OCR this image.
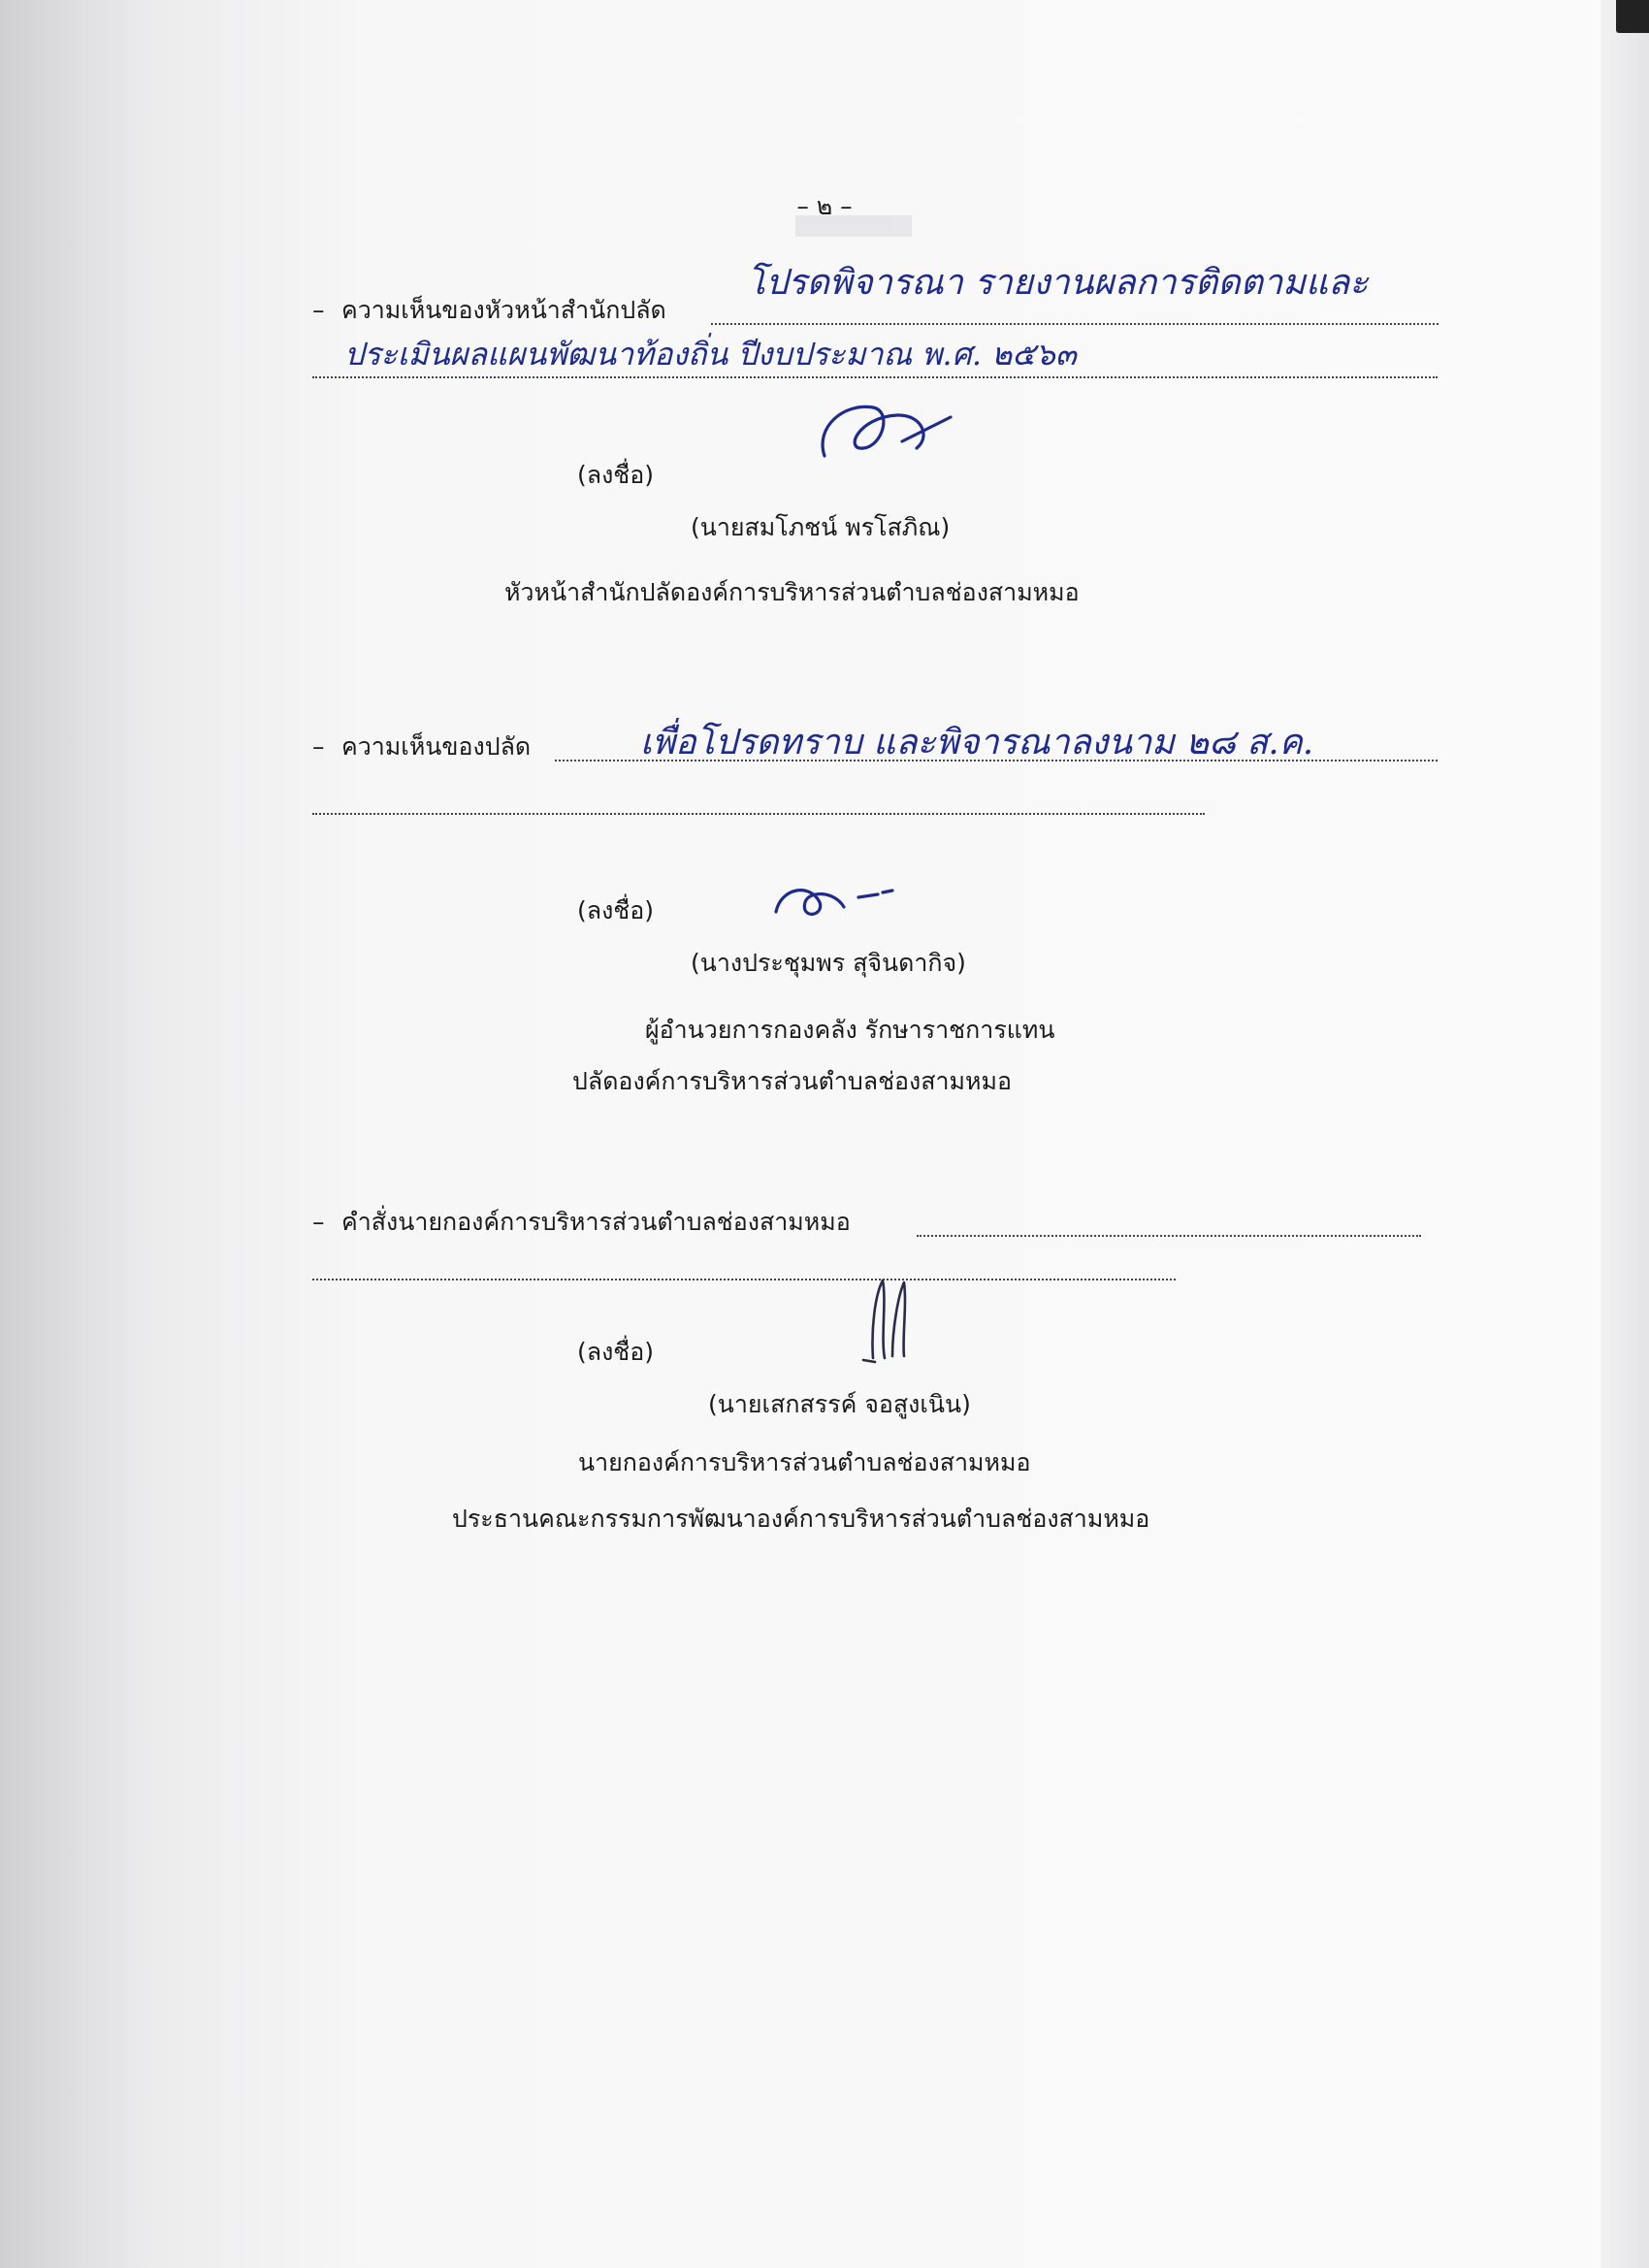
– ๒ –
– ความเห็นของหัวหน้าสำนักปลัด
โปรดพิจารณา รายงานผลการติดตามและ
ประเมินผลแผนพัฒนาท้องถิ่น ปีงบประมาณ พ.ศ. ๒๕๖๓
(ลงชื่อ)
(นายสมโภชน์ พรโสภิณ)
หัวหน้าสำนักปลัดองค์การบริหารส่วนตำบลช่องสามหมอ
– ความเห็นของปลัด	เพื่อโปรดทราบ และพิจารณาลงนาม ๒๘ ส.ค.
(ลงชื่อ)
(นางประชุมพร สุจินดากิจ)
ผู้อำนวยการกองคลัง รักษาราชการแทน
ปลัดองค์การบริหารส่วนตำบลช่องสามหมอ
– คำสั่งนายกองค์การบริหารส่วนตำบลช่องสามหมอ
(ลงชื่อ)
(นายเสกสรรค์ จอสูงเนิน)
นายกองค์การบริหารส่วนตำบลช่องสามหมอ
ประธานคณะกรรมการพัฒนาองค์การบริหารส่วนตำบลช่องสามหมอ
